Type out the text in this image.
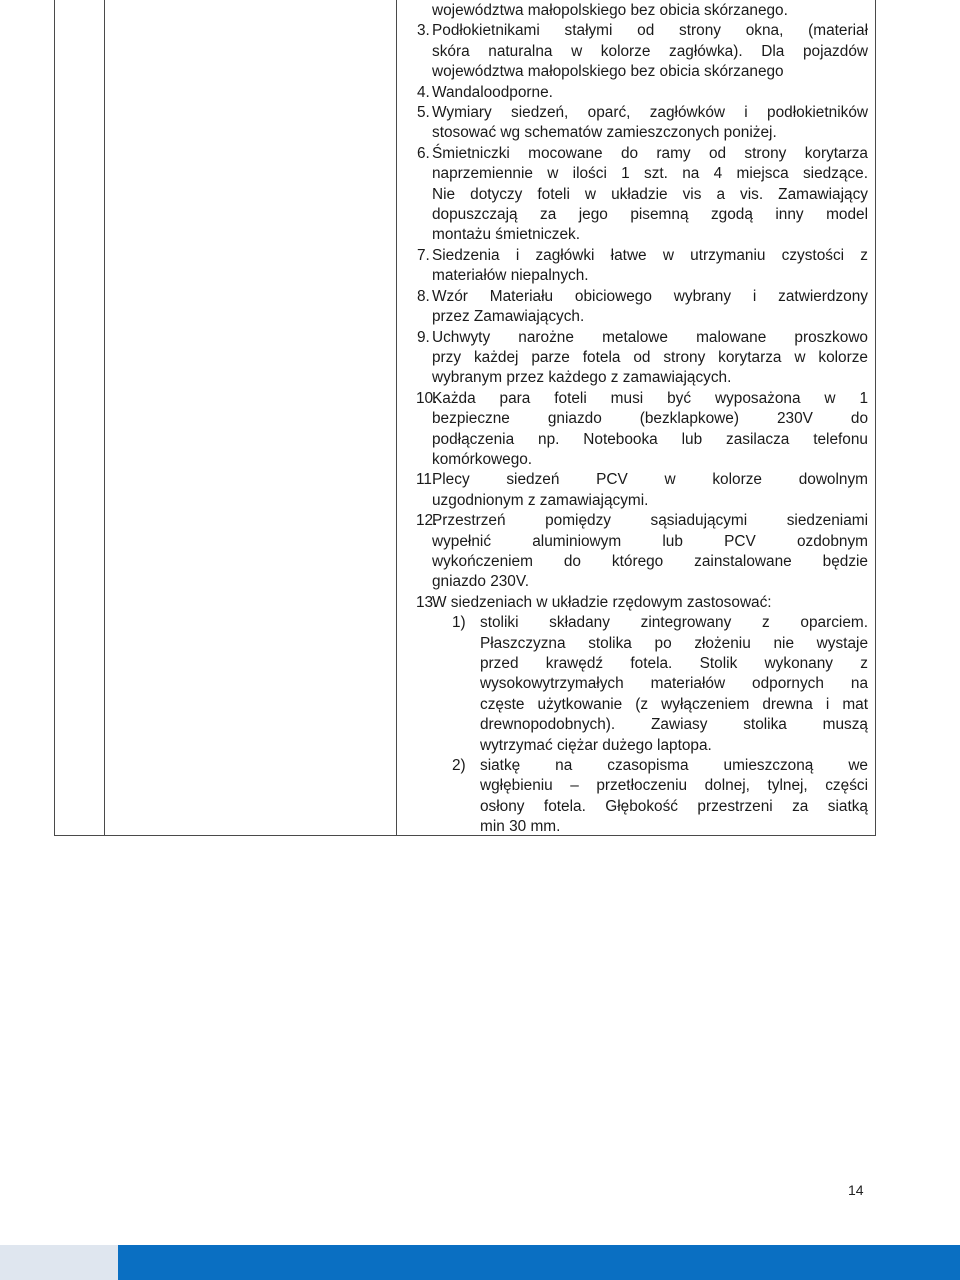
województwa małopolskiego bez obicia skórzanego.
3. Podłokietnikami stałymi od strony okna, (materiał
skóra naturalna w kolorze zagłówka). Dla pojazdów
województwa małopolskiego bez obicia skórzanego
4. Wandaloodporne.
5. Wymiary siedzeń, oparć, zagłówków i podłokietników
stosować wg schematów zamieszczonych poniżej.
6. Śmietniczki mocowane do ramy od strony korytarza
naprzemiennie w ilości 1 szt. na 4 miejsca siedzące.
Nie dotyczy foteli w układzie vis a vis. Zamawiający
dopuszczają za jego pisemną zgodą inny model
montażu śmietniczek.
7. Siedzenia i zagłówki łatwe w utrzymaniu czystości z
materiałów niepalnych.
8. Wzór Materiału obiciowego wybrany i zatwierdzony
przez Zamawiających.
9. Uchwyty narożne metalowe malowane proszkowo
przy każdej parze fotela od strony korytarza w kolorze
wybranym przez każdego z zamawiających.
10.
Każda para foteli musi być wyposażona w 1
bezpieczne gniazdo (bezklapkowe) 230V do
podłączenia np. Notebooka lub zasilacza telefonu
komórkowego.
11.
Plecy siedzeń PCV w kolorze dowolnym
uzgodnionym z zamawiającymi.
12.
Przestrzeń pomiędzy sąsiadującymi siedzeniami
wypełnić aluminiowym lub PCV ozdobnym
wykończeniem do którego zainstalowane będzie
gniazdo 230V.
13.
W siedzeniach w układzie rzędowym zastosować:
1) stoliki składany zintegrowany z oparciem.
Płaszczyzna stolika po złożeniu nie wystaje
przed krawędź fotela. Stolik wykonany z
wysokowytrzymałych materiałów odpornych na
częste użytkowanie (z wyłączeniem drewna i mat
drewnopodobnych). Zawiasy stolika muszą
wytrzymać ciężar dużego laptopa.
2) siatkę na czasopisma umieszczoną we
wgłębieniu – przetłoczeniu dolnej, tylnej, części
osłony fotela. Głębokość przestrzeni za siatką
min 30 mm.
14
